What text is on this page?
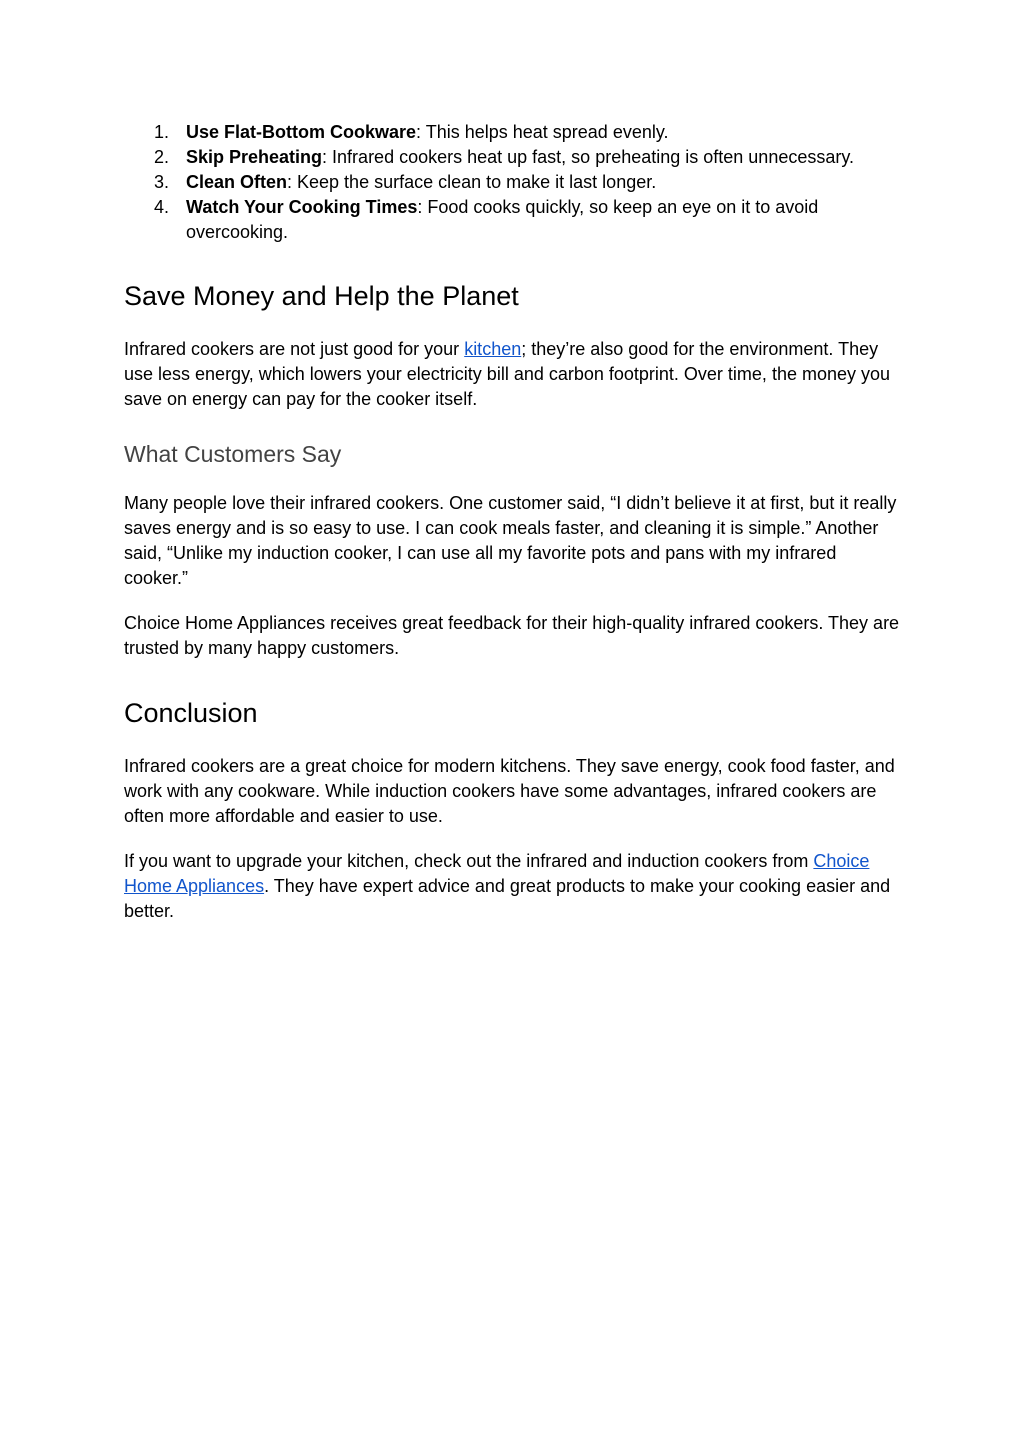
1. Use Flat-Bottom Cookware: This helps heat spread evenly.
2. Skip Preheating: Infrared cookers heat up fast, so preheating is often unnecessary.
3. Clean Often: Keep the surface clean to make it last longer.
4. Watch Your Cooking Times: Food cooks quickly, so keep an eye on it to avoid overcooking.
Save Money and Help the Planet

Infrared cookers are not just good for your kitchen; they’re also good for the environment. They use less energy, which lowers your electricity bill and carbon footprint. Over time, the money you save on energy can pay for the cooker itself.

What Customers Say

Many people love their infrared cookers. One customer said, “I didn’t believe it at first, but it really saves energy and is so easy to use. I can cook meals faster, and cleaning it is simple.” Another said, “Unlike my induction cooker, I can use all my favorite pots and pans with my infrared cooker.”

Choice Home Appliances receives great feedback for their high-quality infrared cookers. They are trusted by many happy customers.

Conclusion

Infrared cookers are a great choice for modern kitchens. They save energy, cook food faster, and work with any cookware. While induction cookers have some advantages, infrared cookers are often more affordable and easier to use.

If you want to upgrade your kitchen, check out the infrared and induction cookers from Choice Home Appliances. They have expert advice and great products to make your cooking easier and better.
